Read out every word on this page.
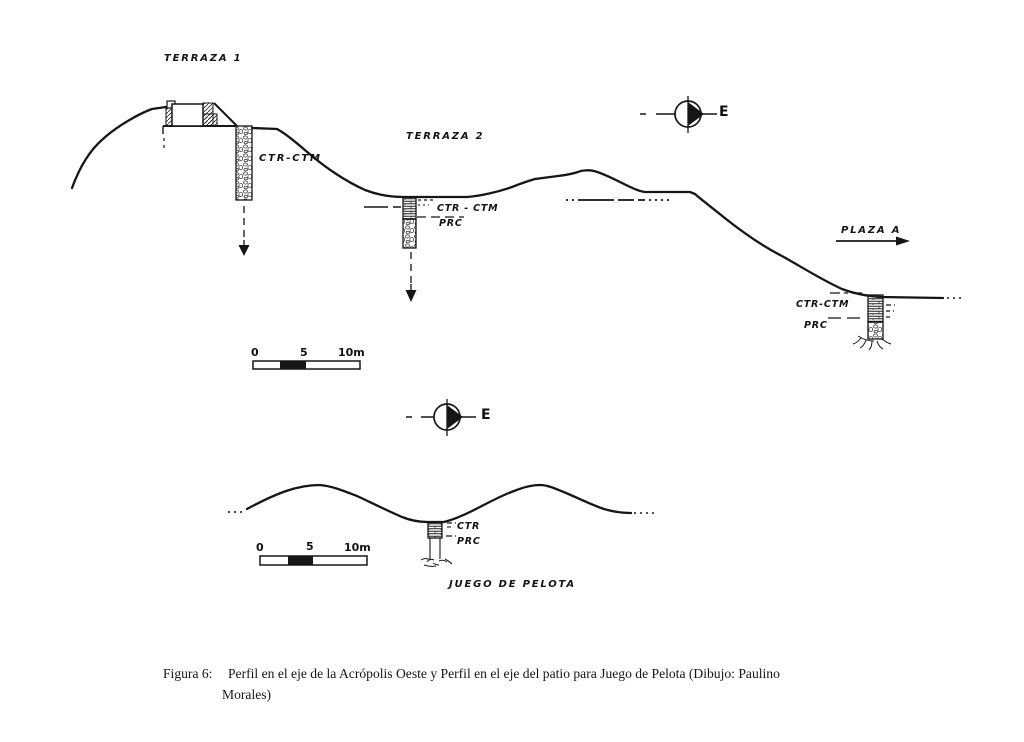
TERRAZA 1
CTR-CTM
TERRAZA 2
CTR - CTM
PRC
E
PLAZA A
CTR-CTM
PRC
0	5	10m
E
CTR
PRC
0	5	10m
JUEGO DE PELOTA
Figura 6: Perfil en el eje de la Acrópolis Oeste y Perfil en el eje del patio para Juego de Pelota (Dibujo: Paulino
Morales)
